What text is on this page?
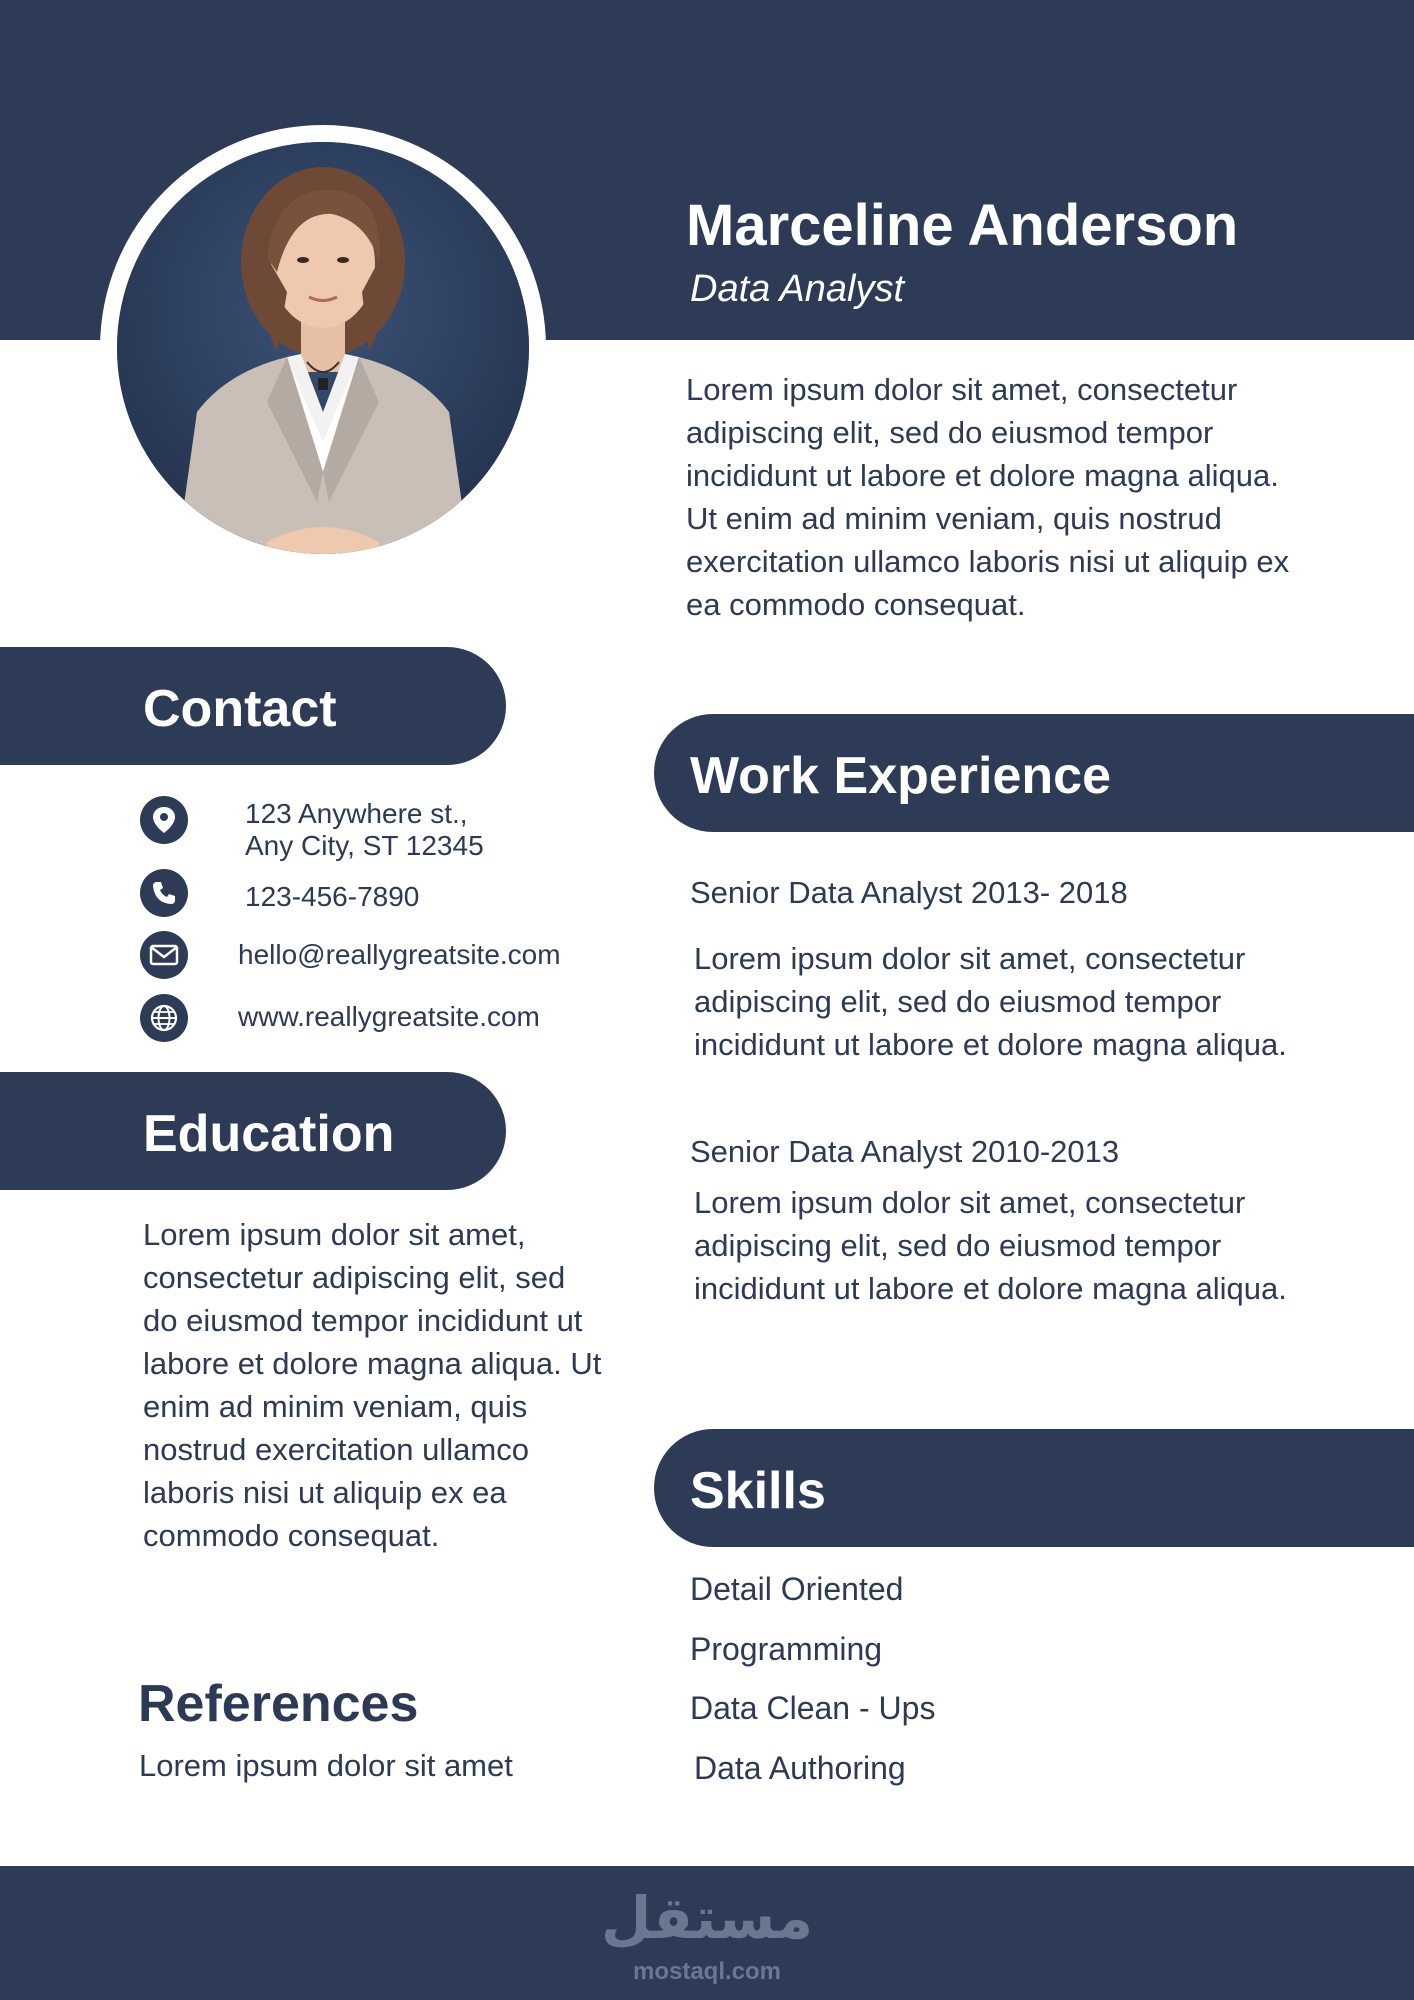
Marceline Anderson
Data Analyst
Lorem ipsum dolor sit amet, consectetur adipiscing elit, sed do eiusmod tempor incididunt ut labore et dolore magna aliqua. Ut enim ad minim veniam, quis nostrud exercitation ullamco laboris nisi ut aliquip ex ea commodo consequat.
Contact
123 Anywhere st.,
Any City, ST 12345
123-456-7890
hello@reallygreatsite.com
www.reallygreatsite.com
Education
Lorem ipsum dolor sit amet, consectetur adipiscing elit, sed do eiusmod tempor incididunt ut labore et dolore magna aliqua. Ut enim ad minim veniam, quis nostrud exercitation ullamco laboris nisi ut aliquip ex ea commodo consequat.
References
Lorem ipsum dolor sit amet
Work Experience
Senior Data Analyst 2013- 2018
Lorem ipsum dolor sit amet, consectetur adipiscing elit, sed do eiusmod tempor incididunt ut labore et dolore magna aliqua.
Senior Data Analyst 2010-2013
Lorem ipsum dolor sit amet, consectetur adipiscing elit, sed do eiusmod tempor incididunt ut labore et dolore magna aliqua.
Skills
Detail Oriented
Programming
Data Clean - Ups
Data Authoring
مستقل
mostaql.com
